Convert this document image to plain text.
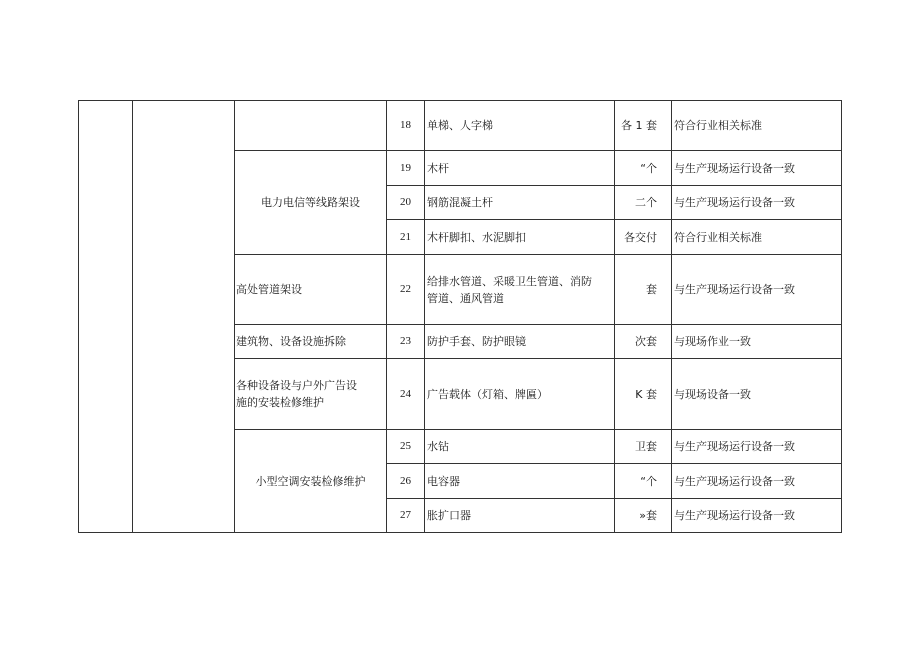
			18	单梯、人字梯	各 1 套	符合行业相关标准
		电力电信等线路架设	19	木杆	“个	与生产现场运行设备一致
			20	钢筋混凝土杆	二个	与生产现场运行设备一致
			21	木杆脚扣、水泥脚扣	各交付	符合行业相关标准
		高处管道架设	22	给排水管道、采暖卫生管道、消防
管道、通风管道	套	与生产现场运行设备一致
		建筑物、设备设施拆除	23	防护手套、防护眼镜	次套	与现场作业一致

		各种设备设与户外广告设
施的安装检修维护	24	广告载体（灯箱、牌匾）	K 套	与现场设备一致
		小型空调安装检修维护	25	水钻	卫套	与生产现场运行设备一致
			26	电容器	“个	与生产现场运行设备一致
			27	胀扩口器	»套	与生产现场运行设备一致
